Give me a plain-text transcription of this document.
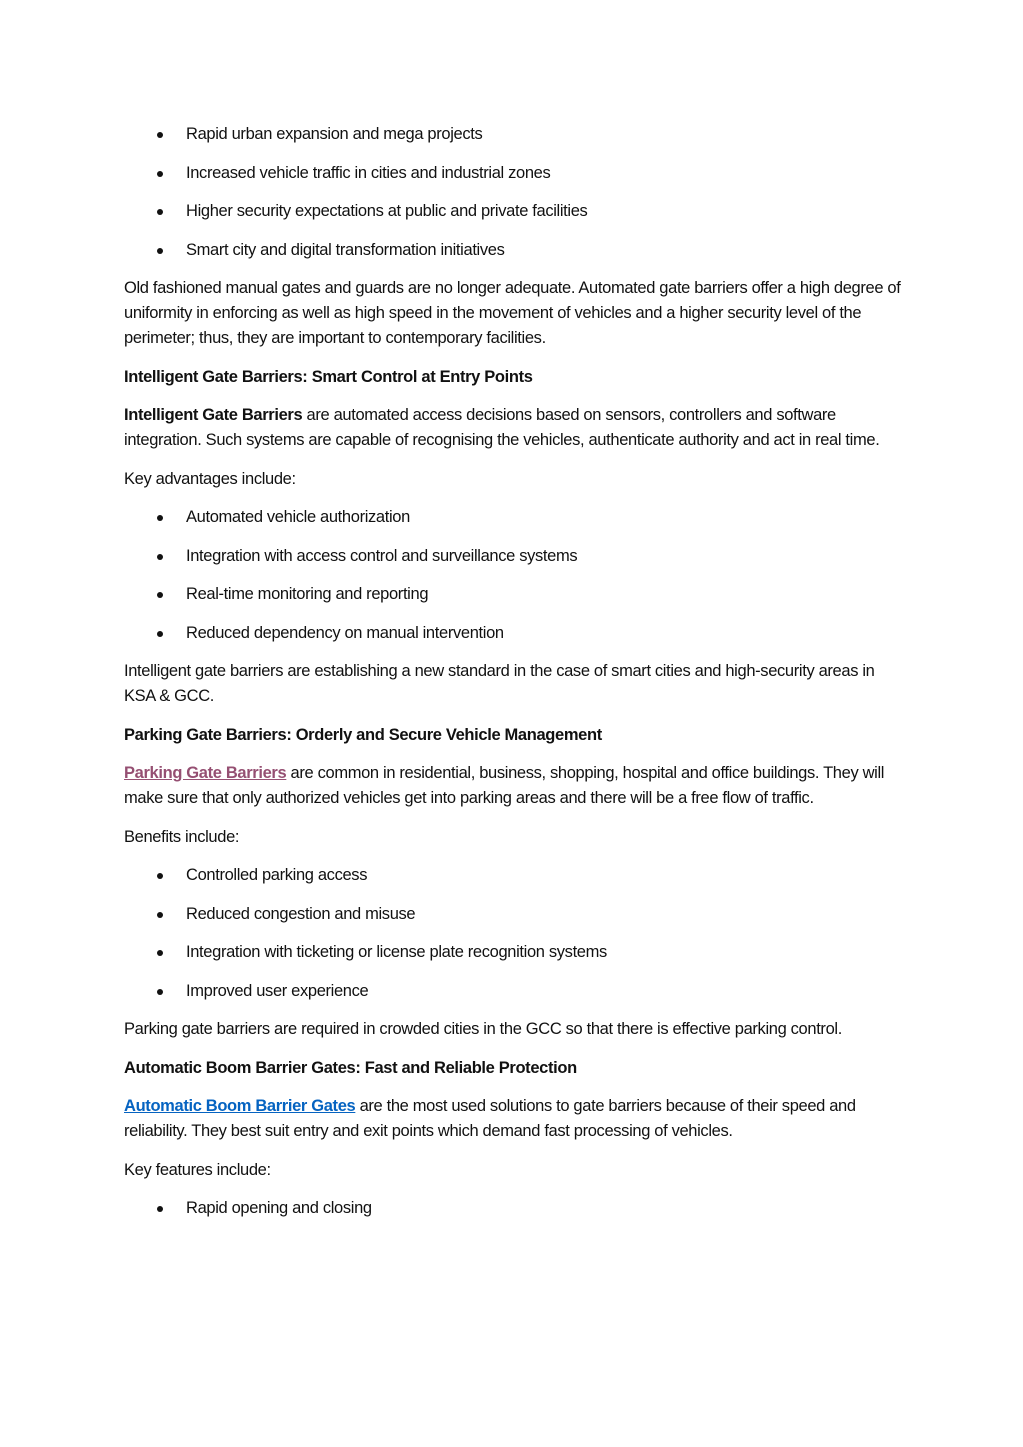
Rapid urban expansion and mega projects
Increased vehicle traffic in cities and industrial zones
Higher security expectations at public and private facilities
Smart city and digital transformation initiatives

Old fashioned manual gates and guards are no longer adequate. Automated gate barriers offer a high degree of uniformity in enforcing as well as high speed in the movement of vehicles and a higher security level of the perimeter; thus, they are important to contemporary facilities.

Intelligent Gate Barriers: Smart Control at Entry Points

Intelligent Gate Barriers are automated access decisions based on sensors, controllers and software integration. Such systems are capable of recognising the vehicles, authenticate authority and act in real time.

Key advantages include:

Automated vehicle authorization
Integration with access control and surveillance systems
Real-time monitoring and reporting
Reduced dependency on manual intervention

Intelligent gate barriers are establishing a new standard in the case of smart cities and high-security areas in KSA & GCC.

Parking Gate Barriers: Orderly and Secure Vehicle Management

Parking Gate Barriers are common in residential, business, shopping, hospital and office buildings. They will make sure that only authorized vehicles get into parking areas and there will be a free flow of traffic.

Benefits include:

Controlled parking access
Reduced congestion and misuse
Integration with ticketing or license plate recognition systems
Improved user experience

Parking gate barriers are required in crowded cities in the GCC so that there is effective parking control.

Automatic Boom Barrier Gates: Fast and Reliable Protection

Automatic Boom Barrier Gates are the most used solutions to gate barriers because of their speed and reliability. They best suit entry and exit points which demand fast processing of vehicles.

Key features include:

Rapid opening and closing
